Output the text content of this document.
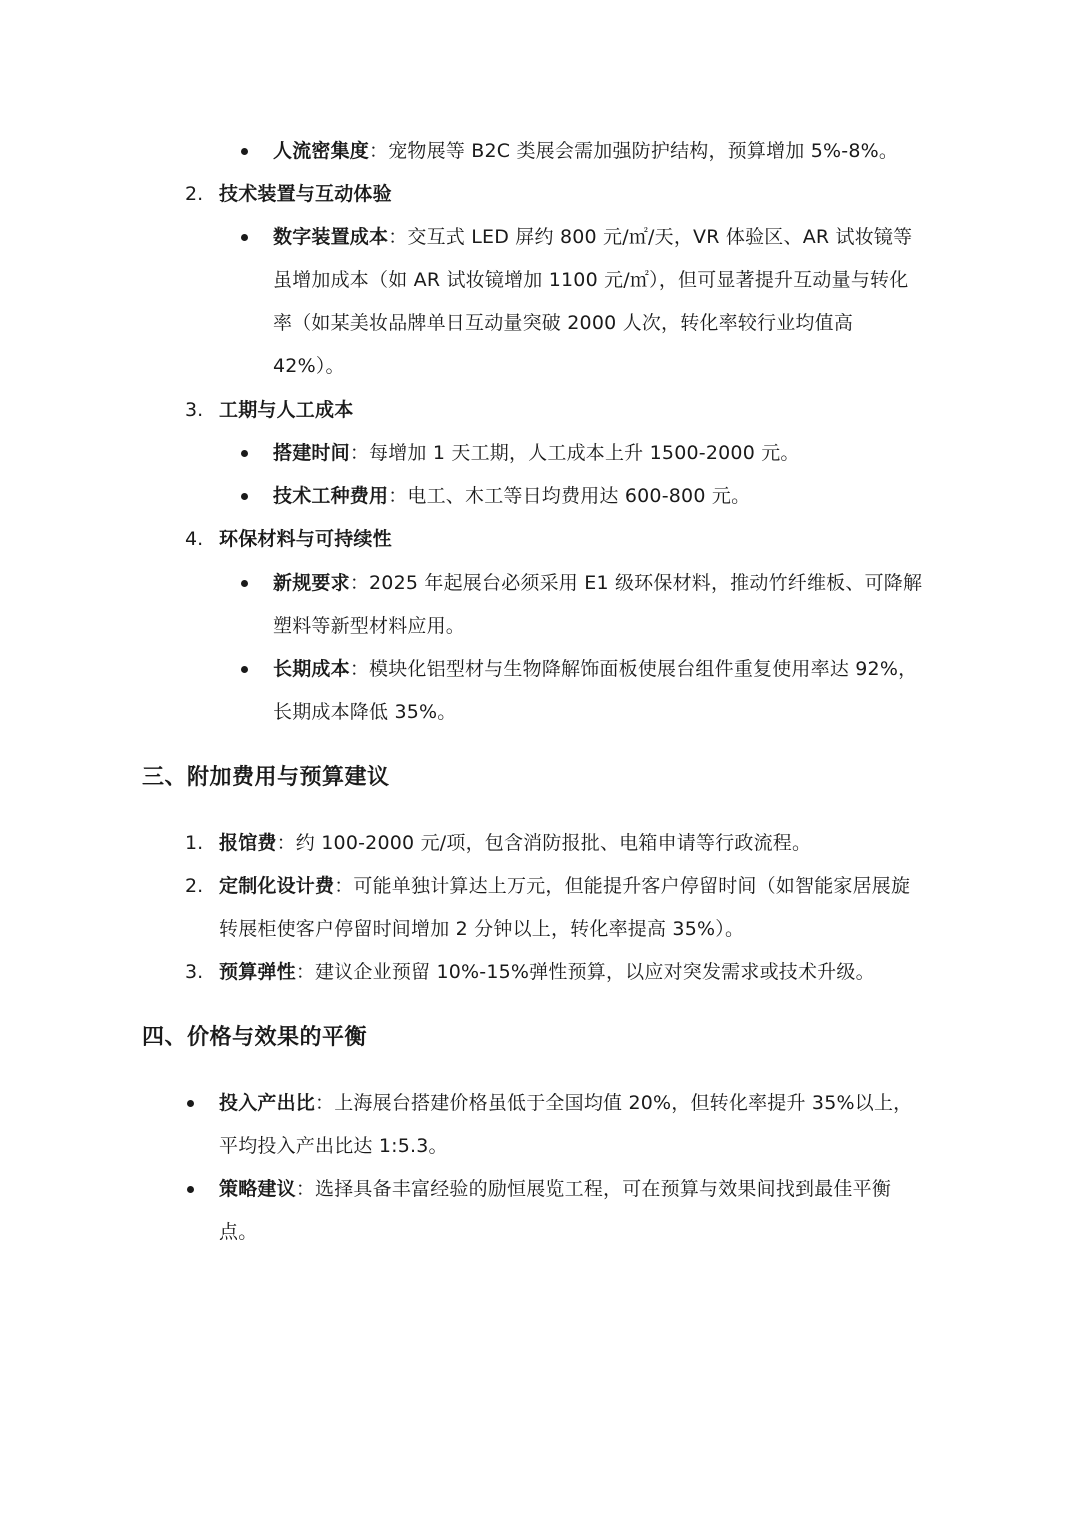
人流密集度：宠物展等 B2C 类展会需加强防护结构，预算增加 5%-8%。
2. 技术装置与互动体验
数字装置成本：交互式 LED 屏约 800 元/㎡/天，VR 体验区、AR 试妆镜等
虽增加成本（如 AR 试妆镜增加 1100 元/㎡），但可显著提升互动量与转化
率（如某美妆品牌单日互动量突破 2000 人次，转化率较行业均值高
42%）。
3. 工期与人工成本
搭建时间：每增加 1 天工期，人工成本上升 1500-2000 元。
技术工种费用：电工、木工等日均费用达 600-800 元。
4. 环保材料与可持续性
新规要求：2025 年起展台必须采用 E1 级环保材料，推动竹纤维板、可降解
塑料等新型材料应用。
长期成本：模块化铝型材与生物降解饰面板使展台组件重复使用率达 92%，
长期成本降低 35%。
三、附加费用与预算建议
1. 报馆费：约 100-2000 元/项，包含消防报批、电箱申请等行政流程。
2. 定制化设计费：可能单独计算达上万元，但能提升客户停留时间（如智能家居展旋
转展柜使客户停留时间增加 2 分钟以上，转化率提高 35%）。
3. 预算弹性：建议企业预留 10%-15%弹性预算，以应对突发需求或技术升级。
四、价格与效果的平衡
投入产出比：上海展台搭建价格虽低于全国均值 20%，但转化率提升 35%以上，
平均投入产出比达 1:5.3。
策略建议：选择具备丰富经验的励恒展览工程，可在预算与效果间找到最佳平衡
点。
